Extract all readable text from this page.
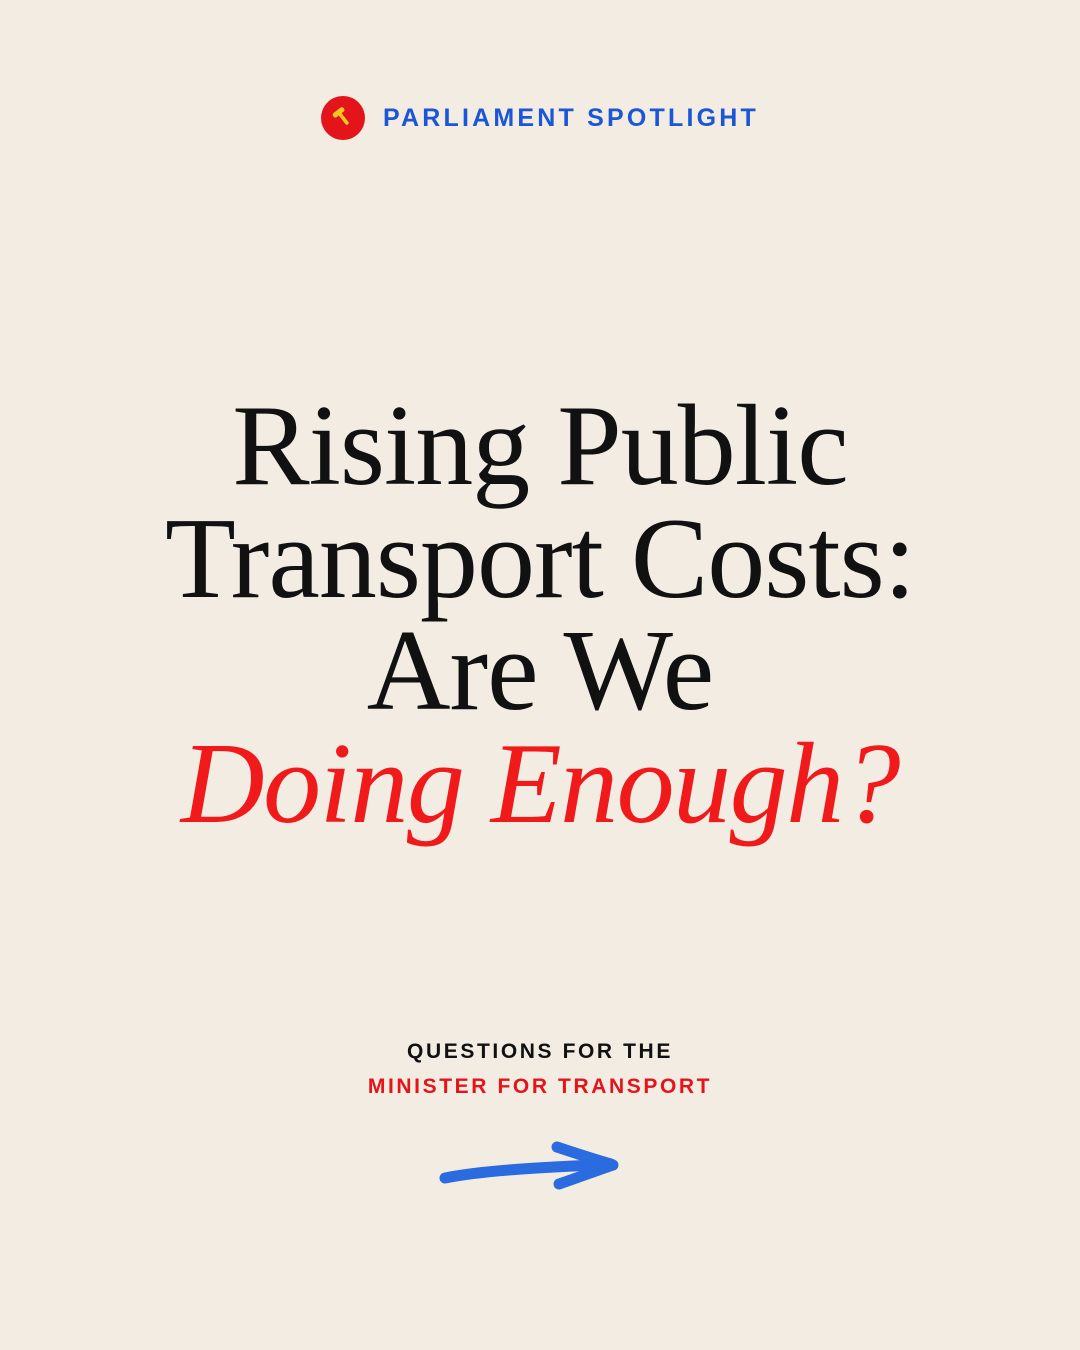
PARLIAMENT SPOTLIGHT
Rising Public
Transport Costs:
Are We
Doing Enough?
QUESTIONS FOR THE
MINISTER FOR TRANSPORT
